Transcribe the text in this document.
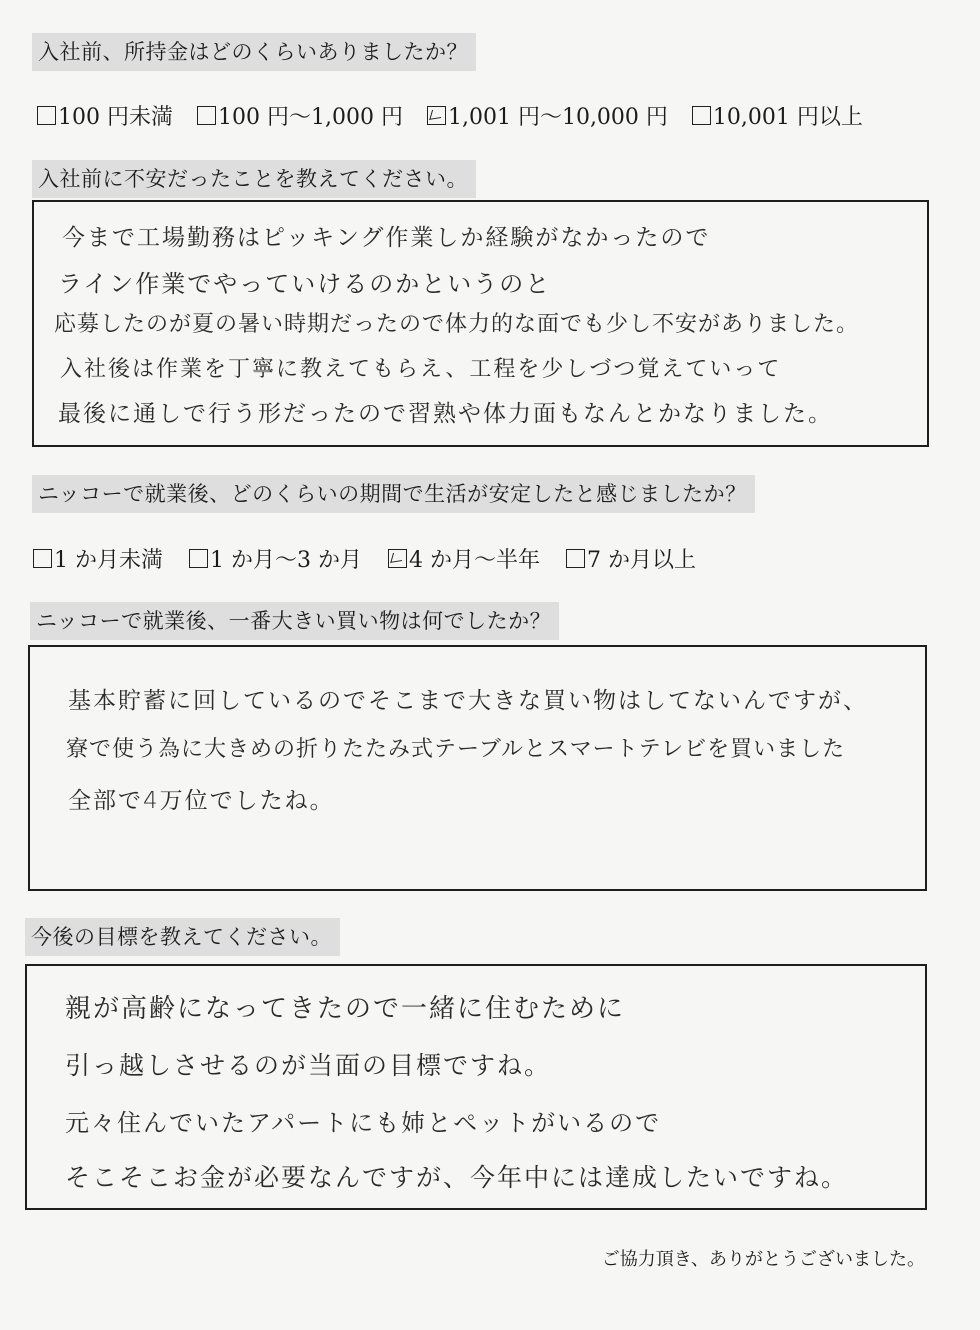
入社前、所持金はどのくらいありましたか？
100 円未満 100 円～1,000 円 1,001 円～10,000 円 10,001 円以上
入社前に不安だったことを教えてください。
今まで工場勤務はピッキング作業しか経験がなかったので
ライン作業でやっていけるのかというのと
応募したのが夏の暑い時期だったので体力的な面でも少し不安がありました。
入社後は作業を丁寧に教えてもらえ、工程を少しづつ覚えていって
最後に通しで行う形だったので習熟や体力面もなんとかなりました。
ニッコーで就業後、どのくらいの期間で生活が安定したと感じましたか？
1 か月未満 1 か月～3 か月 4 か月～半年 7 か月以上
ニッコーで就業後、一番大きい買い物は何でしたか？
基本貯蓄に回しているのでそこまで大きな買い物はしてないんですが、
寮で使う為に大きめの折りたたみ式テーブルとスマートテレビを買いました
全部で4万位でしたね。
今後の目標を教えてください。
親が高齢になってきたので一緒に住むために
引っ越しさせるのが当面の目標ですね。
元々住んでいたアパートにも姉とペットがいるので
そこそこお金が必要なんですが、今年中には達成したいですね。
ご協力頂き、ありがとうございました。
